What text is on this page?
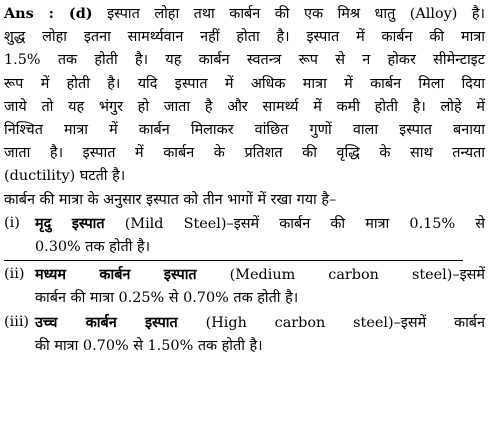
Ans : (d) इस्पात लोहा तथा कार्बन की एक मिश्र धातु (Alloy) है।
शुद्ध लोहा इतना सामर्थ्यवान नहीं होता है। इस्पात में कार्बन की मात्रा
1.5% तक होती है। यह कार्बन स्वतन्त्र रूप से न होकर सीमेन्टाइट
रूप में होती है। यदि इस्पात में अधिक मात्रा में कार्बन मिला दिया
जाये तो यह भंगुर हो जाता है और सामर्थ्य में कमी होती है। लोहे में
निश्चित मात्रा में कार्बन मिलाकर वांछित गुणों वाला इस्पात बनाया
जाता है। इस्पात में कार्बन के प्रतिशत की वृद्धि के साथ तन्यता
(ductility) घटती है।
कार्बन की मात्रा के अनुसार इस्पात को तीन भागों में रखा गया है–
(i) मृदु इस्पात (Mild Steel)–इसमें कार्बन की मात्रा 0.15% से
0.30% तक होती है।
(ii) मध्यम कार्बन इस्पात (Medium carbon steel)–इसमें
कार्बन की मात्रा 0.25% से 0.70% तक होती है।
(iii) उच्च कार्बन इस्पात (High carbon steel)–इसमें कार्बन
की मात्रा 0.70% से 1.50% तक होती है।
